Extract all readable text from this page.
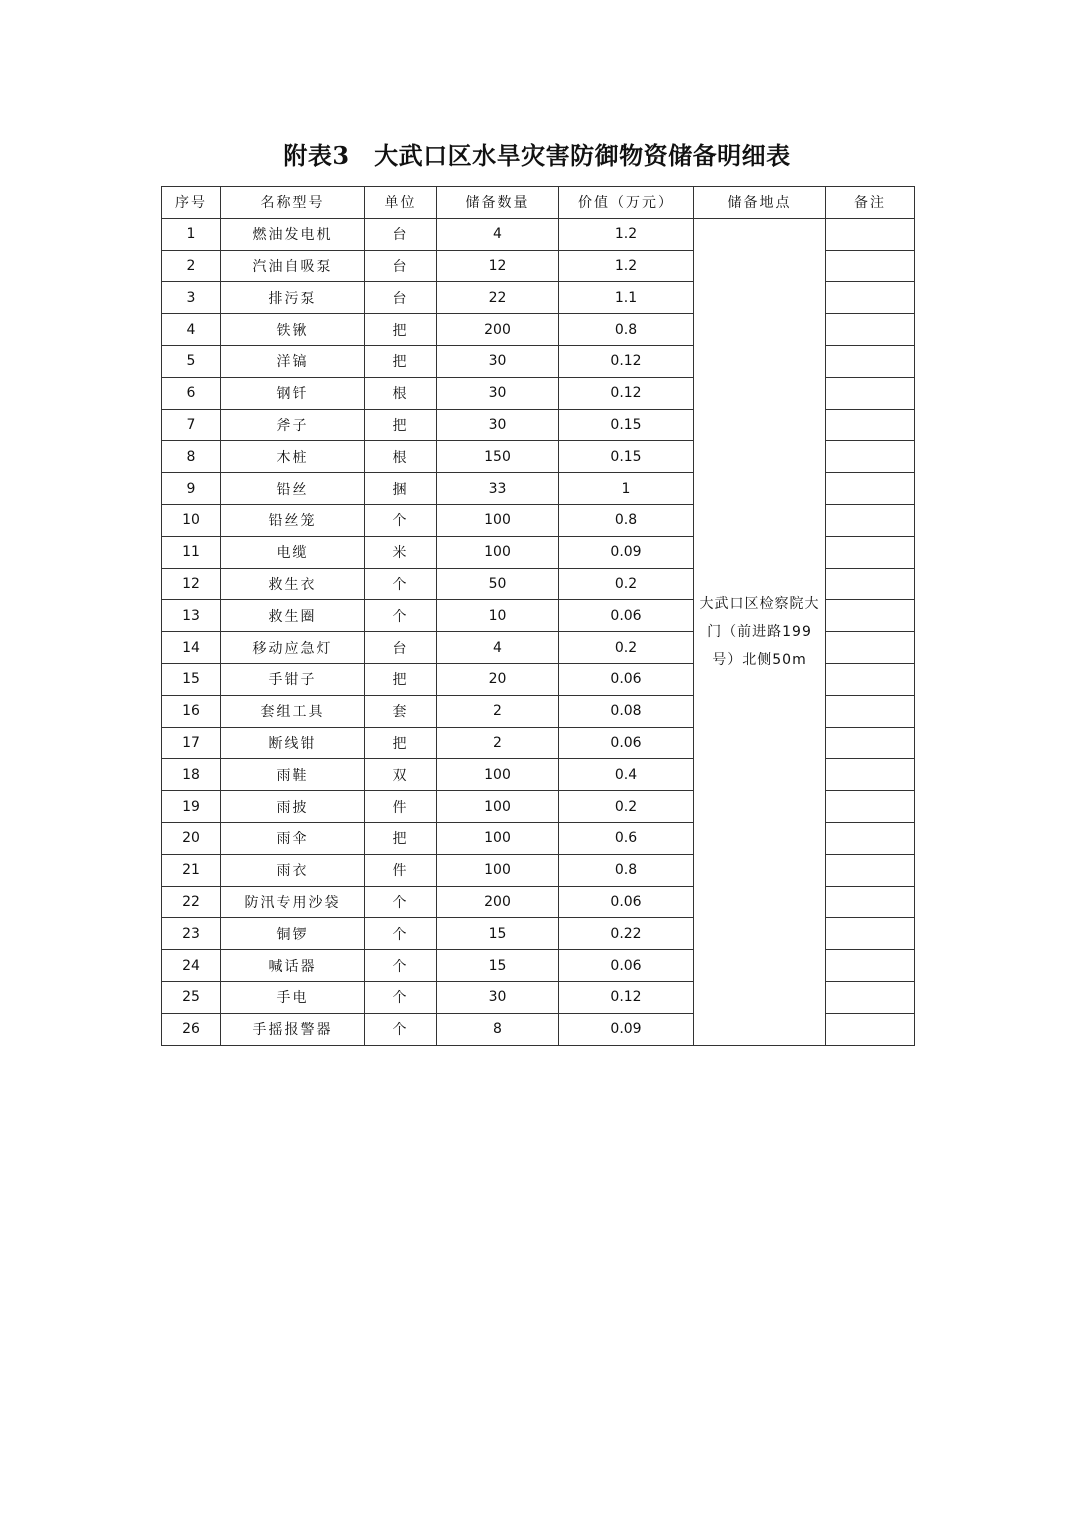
附表3　大武口区水旱灾害防御物资储备明细表
序号	名称型号	单位	储备数量	价值（万元）	储备地点	备注
1	燃油发电机	台	4	1.2	大武口区检察院大门（前进路199号）北侧50m	
2	汽油自吸泵	台	12	1.2		
3	排污泵	台	22	1.1		
4	铁锹	把	200	0.8		
5	洋镐	把	30	0.12		
6	钢钎	根	30	0.12		
7	斧子	把	30	0.15		
8	木桩	根	150	0.15		
9	铅丝	捆	33	1		
10	铅丝笼	个	100	0.8		
11	电缆	米	100	0.09		
12	救生衣	个	50	0.2		
13	救生圈	个	10	0.06		
14	移动应急灯	台	4	0.2		
15	手钳子	把	20	0.06		
16	套组工具	套	2	0.08		
17	断线钳	把	2	0.06		
18	雨鞋	双	100	0.4		
19	雨披	件	100	0.2		
20	雨伞	把	100	0.6		
21	雨衣	件	100	0.8		
22	防汛专用沙袋	个	200	0.06		
23	铜锣	个	15	0.22		
24	喊话器	个	15	0.06		
25	手电	个	30	0.12		
26	手摇报警器	个	8	0.09		
